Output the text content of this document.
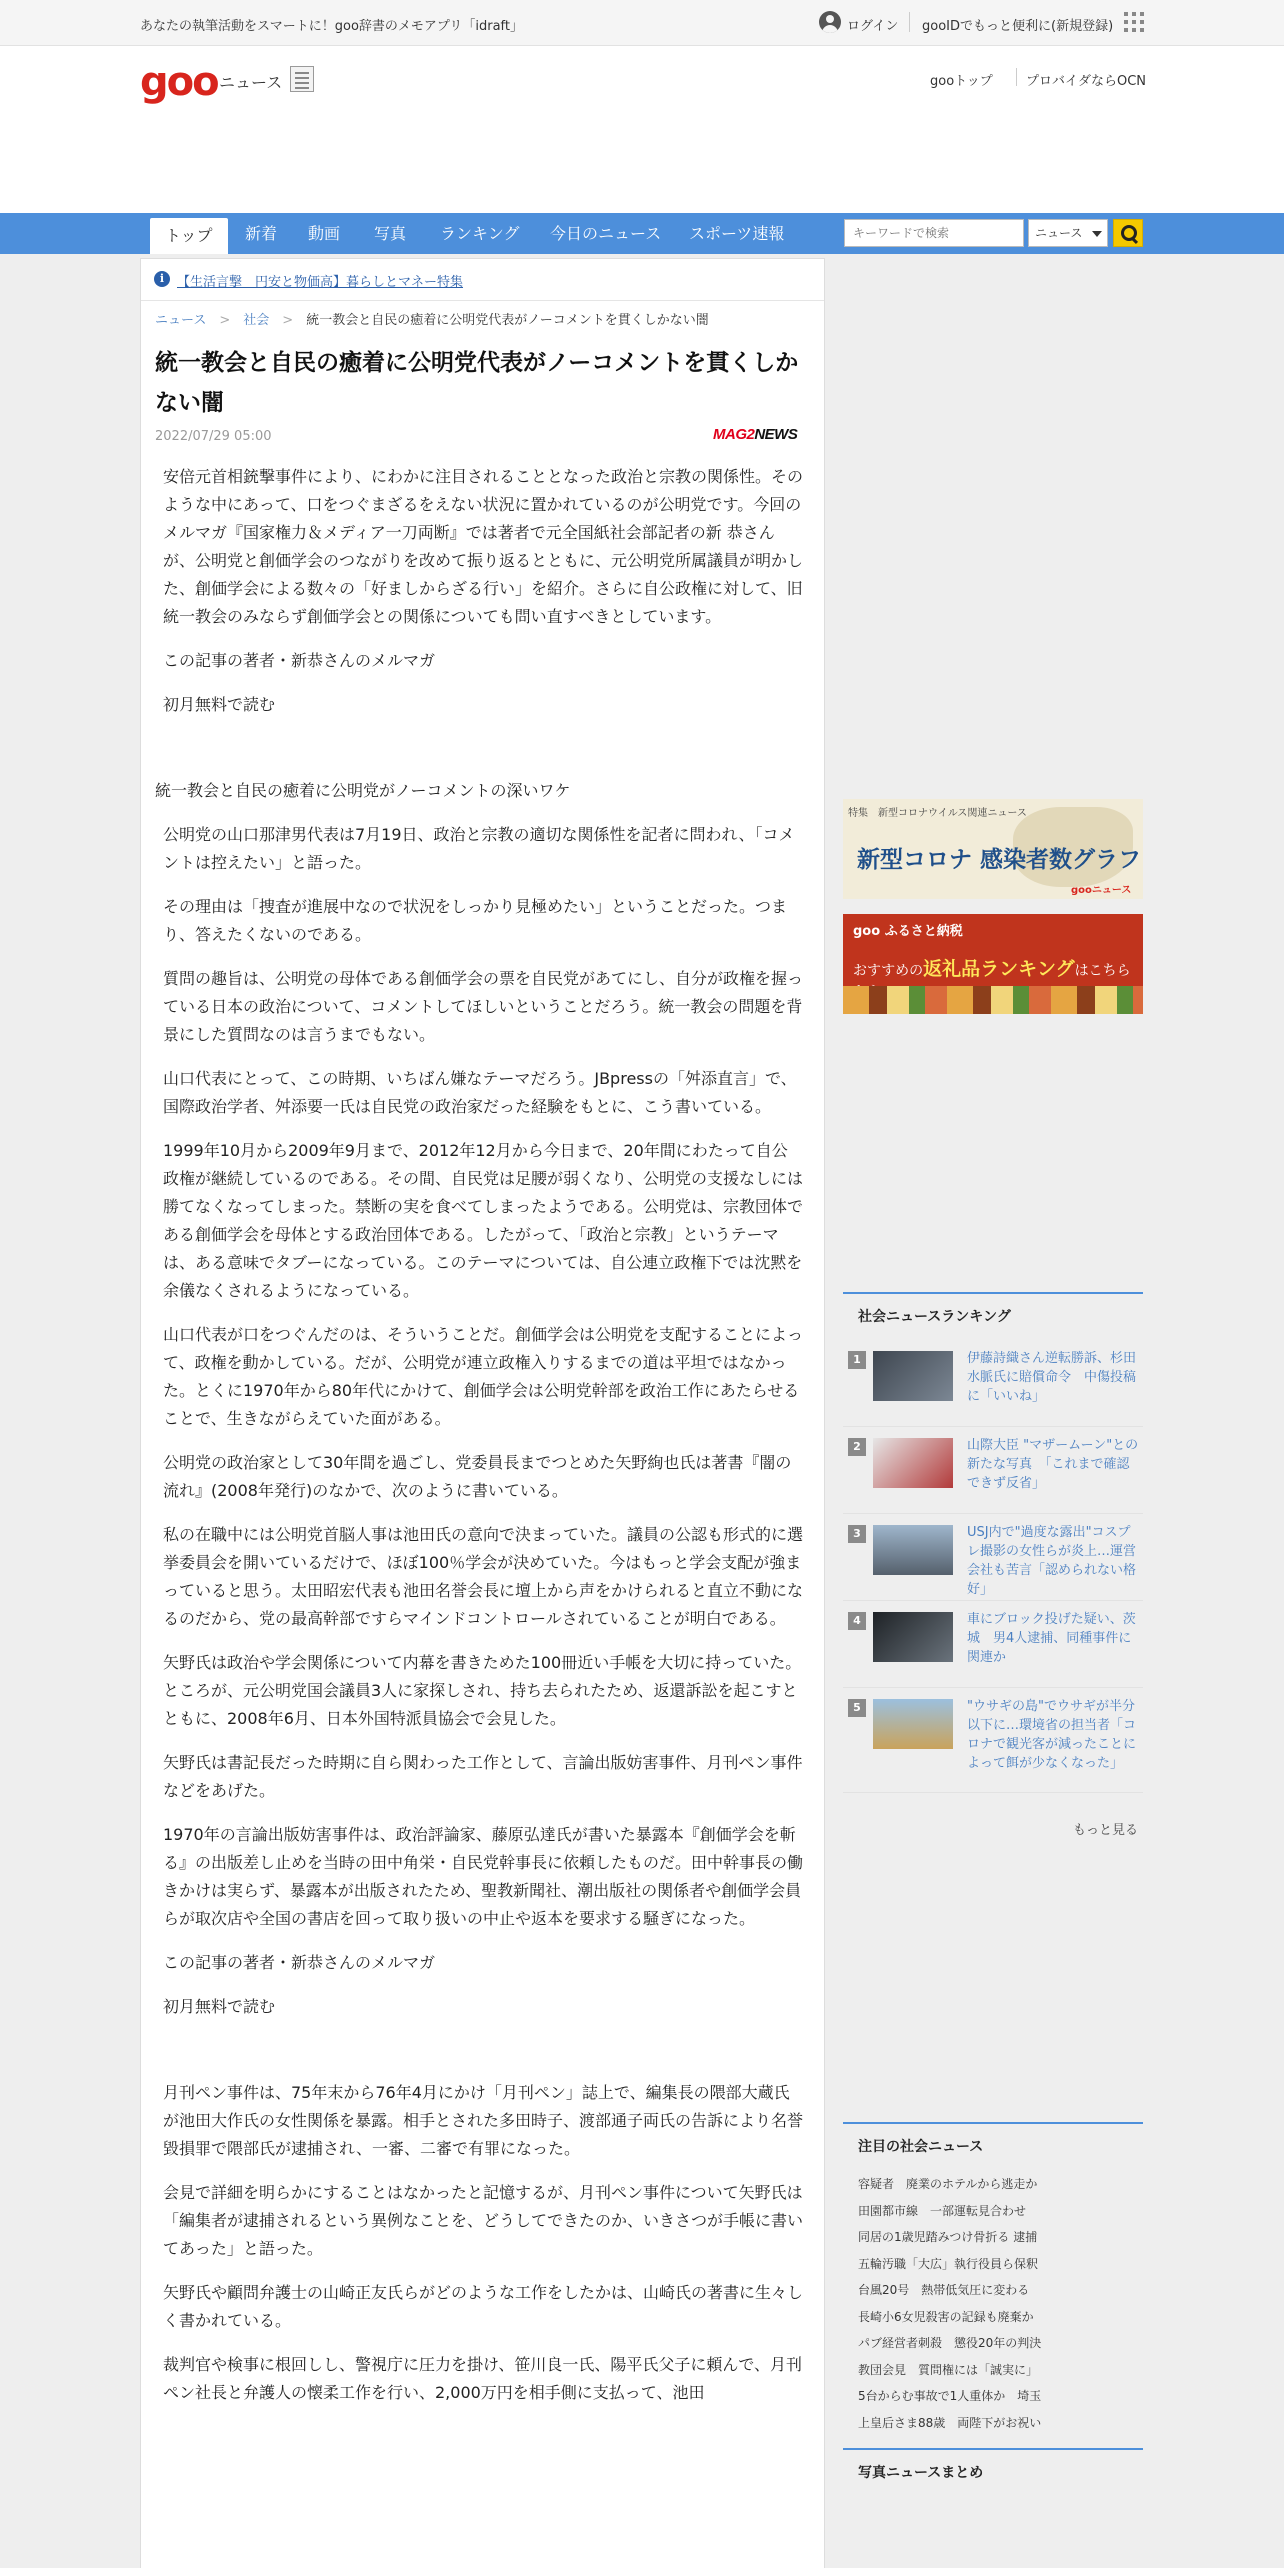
あなたの執筆活動をスマートに！goo辞書のメモアプリ「idraft」	ログイン gooIDでもっと便利に(新規登録)
goo ニュース	gooトップ	プロバイダならOCN
トップ	新着 動画 写真 ランキング 今日のニュース スポーツ速報
キーワードで検索	ニュース
i 【生活言撃　円安と物価高】暮らしとマネー特集
ニュース > 社会 > 統一教会と自民の癒着に公明党代表がノーコメントを貫くしかない闇
統一教会と自民の癒着に公明党代表がノーコメントを貫くしかない闇
2022/07/29 05:00	MAG2NEWS

安倍元首相銃撃事件により、にわかに注目されることとなった政治と宗教の関係性。そのような中にあって、口をつぐまざるをえない状況に置かれているのが公明党です。今回のメルマガ『国家権力＆メディア一刀両断』では著者で元全国紙社会部記者の新 恭さんが、公明党と創価学会のつながりを改めて振り返るとともに、元公明党所属議員が明かした、創価学会による数々の「好ましからざる行い」を紹介。さらに自公政権に対して、旧統一教会のみならず創価学会との関係についても問い直すべきとしています。

この記事の著者・新恭さんのメルマガ

初月無料で読む

統一教会と自民の癒着に公明党がノーコメントの深いワケ

公明党の山口那津男代表は7月19日、政治と宗教の適切な関係性を記者に問われ、「コメントは控えたい」と語った。

その理由は「捜査が進展中なので状況をしっかり見極めたい」ということだった。つまり、答えたくないのである。

質問の趣旨は、公明党の母体である創価学会の票を自民党があてにし、自分が政権を握っている日本の政治について、コメントしてほしいということだろう。統一教会の問題を背景にした質問なのは言うまでもない。

山口代表にとって、この時期、いちばん嫌なテーマだろう。JBpressの「舛添直言」で、国際政治学者、舛添要一氏は自民党の政治家だった経験をもとに、こう書いている。

1999年10月から2009年9月まで、2012年12月から今日まで、20年間にわたって自公政権が継続しているのである。その間、自民党は足腰が弱くなり、公明党の支援なしには勝てなくなってしまった。禁断の実を食べてしまったようである。公明党は、宗教団体である創価学会を母体とする政治団体である。したがって、「政治と宗教」というテーマは、ある意味でタブーになっている。このテーマについては、自公連立政権下では沈黙を余儀なくされるようになっている。

山口代表が口をつぐんだのは、そういうことだ。創価学会は公明党を支配することによって、政権を動かしている。だが、公明党が連立政権入りするまでの道は平坦ではなかった。とくに1970年から80年代にかけて、創価学会は公明党幹部を政治工作にあたらせることで、生きながらえていた面がある。

公明党の政治家として30年間を過ごし、党委員長までつとめた矢野絢也氏は著書『闇の流れ』(2008年発行)のなかで、次のように書いている。

私の在職中には公明党首脳人事は池田氏の意向で決まっていた。議員の公認も形式的に選挙委員会を開いているだけで、ほぼ100％学会が決めていた。今はもっと学会支配が強まっていると思う。太田昭宏代表も池田名誉会長に壇上から声をかけられると直立不動になるのだから、党の最高幹部ですらマインドコントロールされていることが明白である。

矢野氏は政治や学会関係について内幕を書きためた100冊近い手帳を大切に持っていた。ところが、元公明党国会議員3人に家探しされ、持ち去られたため、返還訴訟を起こすとともに、2008年6月、日本外国特派員協会で会見した。

矢野氏は書記長だった時期に自ら関わった工作として、言論出版妨害事件、月刊ペン事件などをあげた。

1970年の言論出版妨害事件は、政治評論家、藤原弘達氏が書いた暴露本『創価学会を斬る』の出版差し止めを当時の田中角栄・自民党幹事長に依頼したものだ。田中幹事長の働きかけは実らず、暴露本が出版されたため、聖教新聞社、潮出版社の関係者や創価学会員らが取次店や全国の書店を回って取り扱いの中止や返本を要求する騒ぎになった。

この記事の著者・新恭さんのメルマガ

初月無料で読む

月刊ペン事件は、75年末から76年4月にかけ「月刊ペン」誌上で、編集長の隈部大蔵氏が池田大作氏の女性関係を暴露。相手とされた多田時子、渡部通子両氏の告訴により名誉毀損罪で隈部氏が逮捕され、一審、二審で有罪になった。

会見で詳細を明らかにすることはなかったと記憶するが、月刊ペン事件について矢野氏は「編集者が逮捕されるという異例なことを、どうしてできたのか、いきさつが手帳に書いてあった」と語った。

矢野氏や顧問弁護士の山崎正友氏らがどのような工作をしたかは、山崎氏の著書に生々しく書かれている。

裁判官や検事に根回しし、警視庁に圧力を掛け、笹川良一氏、陽平氏父子に頼んで、月刊ペン社長と弁護人の懐柔工作を行い、2,000万円を相手側に支払って、池田

特集　新型コロナウイルス関連ニュース
新型コロナ 感染者数グラフ
gooニュース
goo ふるさと納税
おすすめの返礼品ランキングはこちら
社会ニュースランキング
1	伊藤詩織さん逆転勝訴、杉田水脈氏に賠償命令　中傷投稿に「いいね」
2	山際大臣 "マザームーン"との新たな写真　「これまで確認できず反省」
3	USJ内で"過度な露出"コスプレ撮影の女性らが炎上…運営会社も苦言「認められない格好」
4	車にブロック投げた疑い、茨城　男4人逮捕、同種事件に関連か
5	"ウサギの島"でウサギが半分以下に…環境省の担当者「コロナで観光客が減ったことによって餌が少なくなった」
もっと見る
注目の社会ニュース
容疑者　廃業のホテルから逃走か
田園都市線　一部運転見合わせ
同居の1歳児踏みつけ骨折る 逮捕
五輪汚職「大広」執行役員ら保釈
台風20号　熱帯低気圧に変わる
長崎小6女児殺害の記録も廃棄か
パブ経営者刺殺　懲役20年の判決
教団会見　質問権には「誠実に」
5台からむ事故で1人重体か　埼玉
上皇后さま88歳　両陛下がお祝い
写真ニュースまとめ
